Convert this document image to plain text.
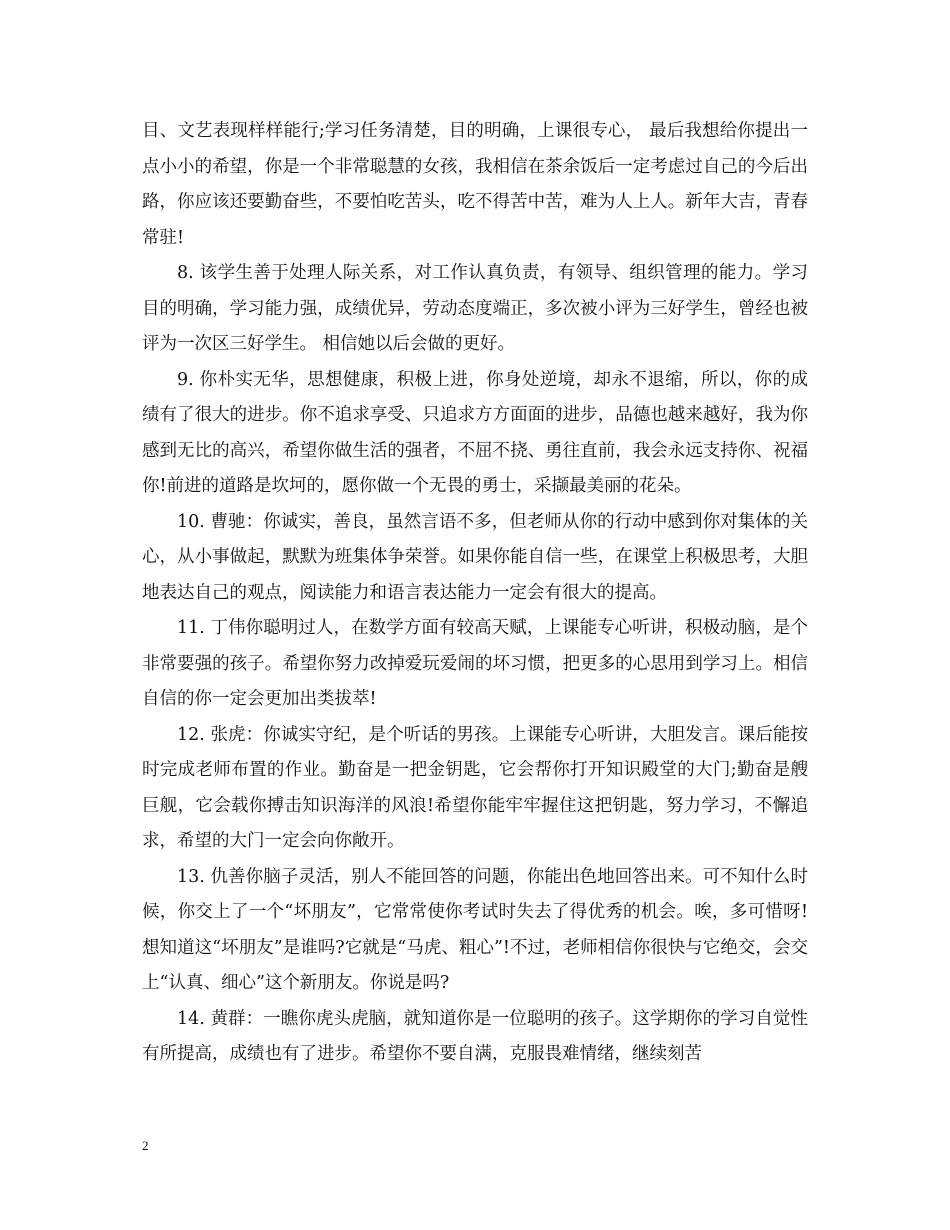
目、文艺表现样样能行;学习任务清楚，目的明确，上课很专心， 最后我想给你提出一点小小的希望，你是一个非常聪慧的女孩，我相信在茶余饭后一定考虑过自己的今后出路，你应该还要勤奋些，不要怕吃苦头，吃不得苦中苦，难为人上人。新年大吉，青春常驻!

8. 该学生善于处理人际关系，对工作认真负责，有领导、组织管理的能力。学习目的明确，学习能力强，成绩优异，劳动态度端正，多次被小评为三好学生，曾经也被评为一次区三好学生。 相信她以后会做的更好。

9. 你朴实无华，思想健康，积极上进，你身处逆境，却永不退缩，所以，你的成绩有了很大的进步。你不追求享受、只追求方方面面的进步，品德也越来越好，我为你感到无比的高兴，希望你做生活的强者，不屈不挠、勇往直前，我会永远支持你、祝福你!前进的道路是坎坷的，愿你做一个无畏的勇士，采撷最美丽的花朵。

10. 曹驰：你诚实，善良，虽然言语不多，但老师从你的行动中感到你对集体的关心，从小事做起，默默为班集体争荣誉。如果你能自信一些，在课堂上积极思考，大胆地表达自己的观点，阅读能力和语言表达能力一定会有很大的提高。

11. 丁伟你聪明过人，在数学方面有较高天赋，上课能专心听讲，积极动脑，是个非常要强的孩子。希望你努力改掉爱玩爱闹的坏习惯，把更多的心思用到学习上。相信自信的你一定会更加出类拔萃!

12. 张虎：你诚实守纪，是个听话的男孩。上课能专心听讲，大胆发言。课后能按时完成老师布置的作业。勤奋是一把金钥匙，它会帮你打开知识殿堂的大门;勤奋是艘巨舰，它会载你搏击知识海洋的风浪!希望你能牢牢握住这把钥匙，努力学习，不懈追求，希望的大门一定会向你敞开。

13. 仇善你脑子灵活，别人不能回答的问题，你能出色地回答出来。可不知什么时候，你交上了一个“坏朋友”，它常常使你考试时失去了得优秀的机会。唉，多可惜呀!想知道这“坏朋友”是谁吗?它就是“马虎、粗心”!不过，老师相信你很快与它绝交，会交上“认真、细心”这个新朋友。你说是吗?

14. 黄群：一瞧你虎头虎脑，就知道你是一位聪明的孩子。这学期你的学习自觉性有所提高，成绩也有了进步。希望你不要自满，克服畏难情绪，继续刻苦

2
